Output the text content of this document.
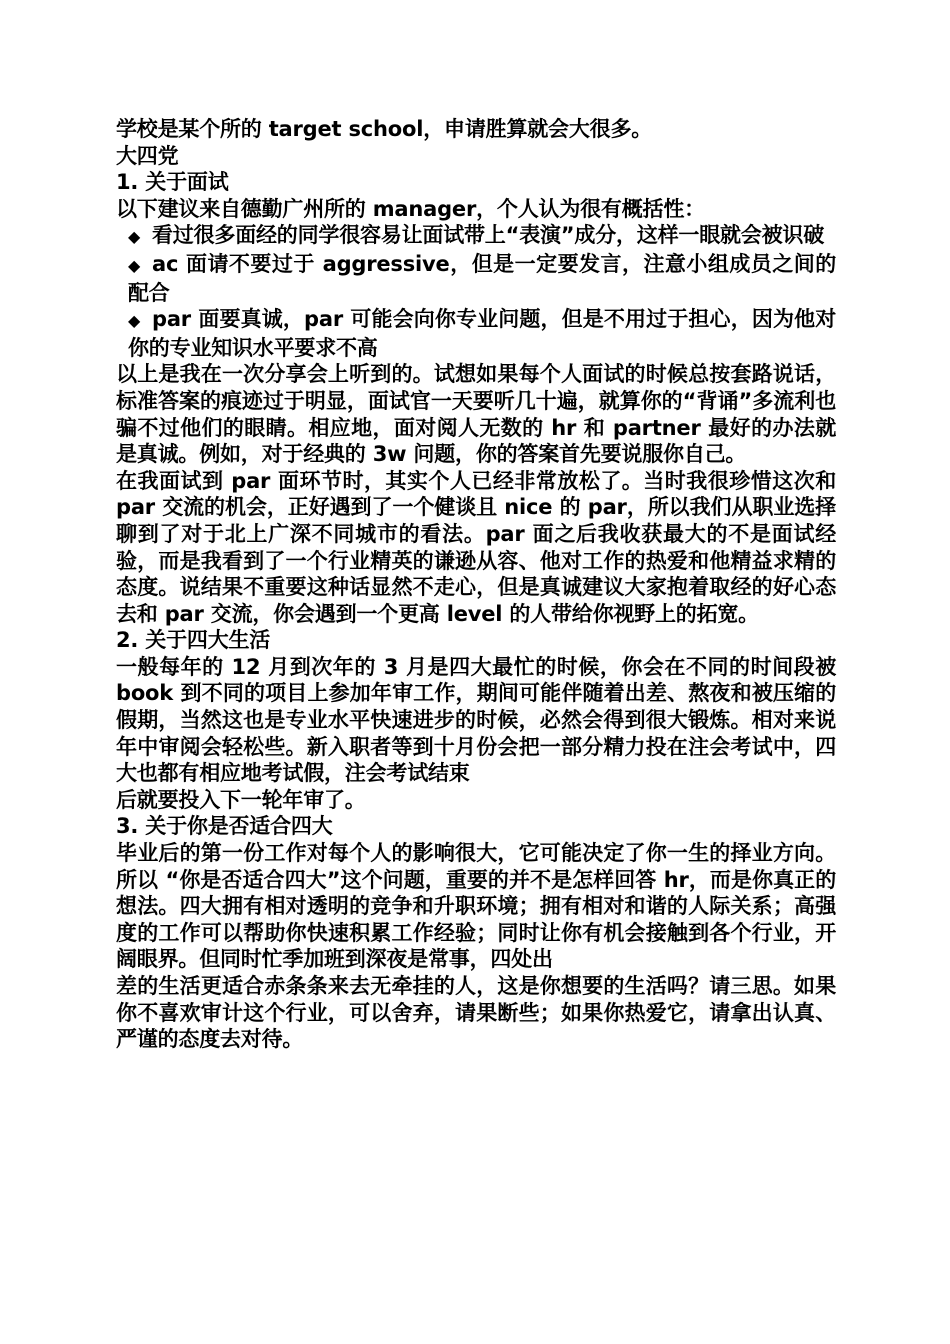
学校是某个所的 target school，申请胜算就会大很多。
大四党
1. 关于面试
以下建议来自德勤广州所的 manager，个人认为很有概括性：
◆ 看过很多面经的同学很容易让面试带上“表演”成分，这样一眼就会被识破
◆ ac 面请不要过于 aggressive，但是一定要发言，注意小组成员之间的配合
◆ par 面要真诚，par 可能会向你专业问题，但是不用过于担心，因为他对你的专业知识水平要求不高
以上是我在一次分享会上听到的。试想如果每个人面试的时候总按套路说话，标准答案的痕迹过于明显，面试官一天要听几十遍，就算你的“背诵”多流利也骗不过他们的眼睛。相应地，面对阅人无数的 hr 和 partner 最好的办法就是真诚。例如，对于经典的 3w 问题，你的答案首先要说服你自己。
在我面试到 par 面环节时，其实个人已经非常放松了。当时我很珍惜这次和 par 交流的机会，正好遇到了一个健谈且 nice 的 par，所以我们从职业选择聊到了对于北上广深不同城市的看法。par 面之后我收获最大的不是面试经验，而是我看到了一个行业精英的谦逊从容、他对工作的热爱和他精益求精的态度。说结果不重要这种话显然不走心，但是真诚建议大家抱着取经的好心态去和 par 交流，你会遇到一个更高 level 的人带给你视野上的拓宽。
2. 关于四大生活
一般每年的 12 月到次年的 3 月是四大最忙的时候，你会在不同的时间段被 book 到不同的项目上参加年审工作，期间可能伴随着出差、熬夜和被压缩的假期，当然这也是专业水平快速进步的时候，必然会得到很大锻炼。相对来说年中审阅会轻松些。新入职者等到十月份会把一部分精力投在注会考试中，四大也都有相应地考试假，注会考试结束
后就要投入下一轮年审了。
3. 关于你是否适合四大
毕业后的第一份工作对每个人的影响很大，它可能决定了你一生的择业方向。所以 “你是否适合四大”这个问题，重要的并不是怎样回答 hr，而是你真正的想法。四大拥有相对透明的竞争和升职环境；拥有相对和谐的人际关系；高强度的工作可以帮助你快速积累工作经验；同时让你有机会接触到各个行业，开阔眼界。但同时忙季加班到深夜是常事，四处出
差的生活更适合赤条条来去无牵挂的人，这是你想要的生活吗？请三思。如果你不喜欢审计这个行业，可以舍弃，请果断些；如果你热爱它，请拿出认真、严谨的态度去对待。
